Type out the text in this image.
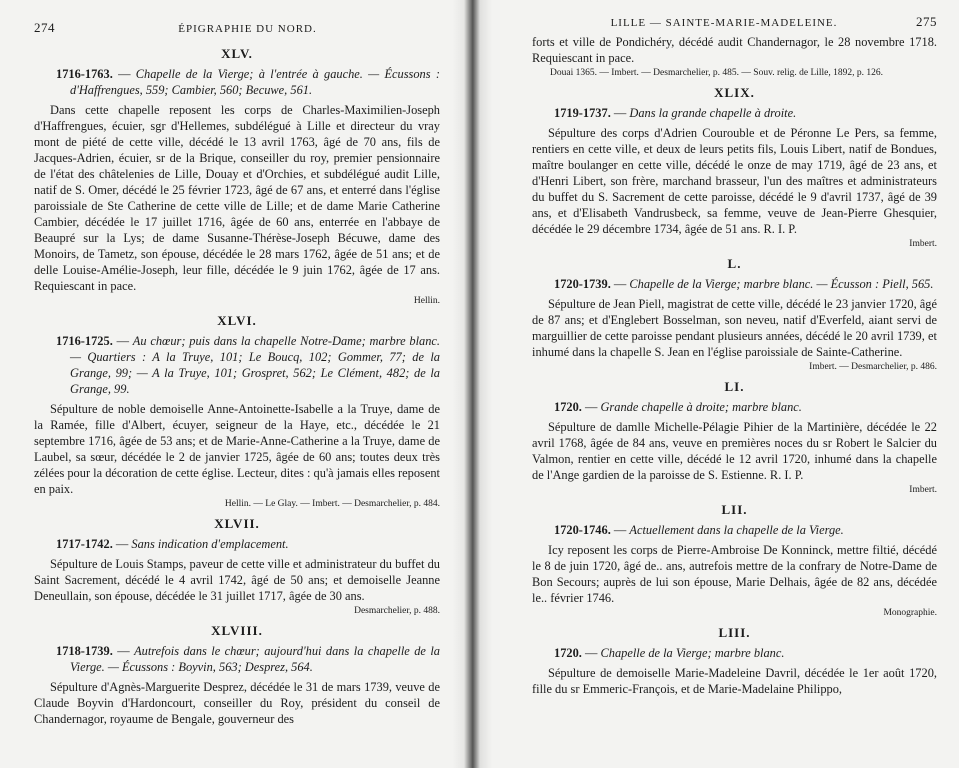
274	ÉPIGRAPHIE DU NORD.
XLV.

1716-1763. — Chapelle de la Vierge; à l'entrée à gauche. — Écussons : d'Haffrengues, 559; Cambier, 560; Becuwe, 561.

Dans cette chapelle reposent les corps de Charles-Maximilien-Joseph d'Haffrengues, écuier, sgr d'Hellemes, subdélégué à Lille et directeur du vray mont de piété de cette ville, décédé le 13 avril 1763, âgé de 70 ans, fils de Jacques-Adrien, écuier, sr de la Brique, conseiller du roy, premier pensionnaire de l'état des châtelenies de Lille, Douay et d'Orchies, et subdélégué audit Lille, natif de S. Omer, décédé le 25 février 1723, âgé de 67 ans, et enterré dans l'église paroissiale de Ste Catherine de cette ville de Lille; et de dame Marie Catherine Cambier, décédée le 17 juillet 1716, âgée de 60 ans, enterrée en l'abbaye de Beaupré sur la Lys; de dame Susanne-Thérèse-Joseph Bécuwe, dame des Monoirs, de Tametz, son épouse, décédée le 28 mars 1762, âgée de 51 ans; et de delle Louise-Amélie-Joseph, leur fille, décédée le 9 juin 1762, âgée de 17 ans. Requiescant in pace.

Hellin.
XLVI.

1716-1725. — Au chœur; puis dans la chapelle Notre-Dame; marbre blanc. — Quartiers : A la Truye, 101; Le Boucq, 102; Gommer, 77; de la Grange, 99; — A la Truye, 101; Grospret, 562; Le Clément, 482; de la Grange, 99.

Sépulture de noble demoiselle Anne-Antoinette-Isabelle a la Truye, dame de la Ramée, fille d'Albert, écuyer, seigneur de la Haye, etc., décédée le 21 septembre 1716, âgée de 53 ans; et de Marie-Anne-Catherine a la Truye, dame de Laubel, sa sœur, décédée le 2 de janvier 1725, âgée de 60 ans; toutes deux très zélées pour la décoration de cette église. Lecteur, dites : qu'à jamais elles reposent en paix.

Hellin. — Le Glay. — Imbert. — Desmarchelier, p. 484.
XLVII.

1717-1742. — Sans indication d'emplacement.

Sépulture de Louis Stamps, paveur de cette ville et administrateur du buffet du Saint Sacrement, décédé le 4 avril 1742, âgé de 50 ans; et demoiselle Jeanne Deneullain, son épouse, décédée le 31 juillet 1717, âgée de 30 ans.

Desmarchelier, p. 488.
XLVIII.

1718-1739. — Autrefois dans le chœur; aujourd'hui dans la chapelle de la Vierge. — Écussons : Boyvin, 563; Desprez, 564.

Sépulture d'Agnès-Marguerite Desprez, décédée le 31 de mars 1739, veuve de Claude Boyvin d'Hardoncourt, conseiller du Roy, président du conseil de Chandernagor, royaume de Bengale, gouverneur des

LILLE — SAINTE-MARIE-MADELEINE.	275

forts et ville de Pondichéry, décédé audit Chandernagor, le 28 novembre 1718. Requiescant in pace.

Douai 1365. — Imbert. — Desmarchelier, p. 485. — Souv. relig. de Lille, 1892, p. 126.
XLIX.

1719-1737. — Dans la grande chapelle à droite.

Sépulture des corps d'Adrien Courouble et de Péronne Le Pers, sa femme, rentiers en cette ville, et deux de leurs petits fils, Louis Libert, natif de Bondues, maître boulanger en cette ville, décédé le onze de may 1719, âgé de 23 ans, et d'Henri Libert, son frère, marchand brasseur, l'un des maîtres et administrateurs du buffet du S. Sacrement de cette paroisse, décédé le 9 d'avril 1737, âgé de 39 ans, et d'Elisabeth Vandrusbeck, sa femme, veuve de Jean-Pierre Ghesquier, décédée le 29 décembre 1734, âgée de 51 ans. R. I. P.

Imbert.
L.

1720-1739. — Chapelle de la Vierge; marbre blanc. — Écusson : Piell, 565.

Sépulture de Jean Piell, magistrat de cette ville, décédé le 23 janvier 1720, âgé de 87 ans; et d'Englebert Bosselman, son neveu, natif d'Everfeld, aiant servi de marguillier de cette paroisse pendant plusieurs années, décédé le 20 avril 1739, et inhumé dans la chapelle S. Jean en l'église paroissiale de Sainte-Catherine.

Imbert. — Desmarchelier, p. 486.
LI.

1720. — Grande chapelle à droite; marbre blanc.

Sépulture de damlle Michelle-Pélagie Pihier de la Martinière, décédée le 22 avril 1768, âgée de 84 ans, veuve en premières noces du sr Robert le Salcier du Valmon, rentier en cette ville, décédé le 12 avril 1720, inhumé dans la chapelle de l'Ange gardien de la paroisse de S. Estienne. R. I. P.

Imbert.
LII.

1720-1746. — Actuellement dans la chapelle de la Vierge.

Icy reposent les corps de Pierre-Ambroise De Konninck, mettre filtié, décédé le 8 de juin 1720, âgé de.. ans, autrefois mettre de la confrary de Notre-Dame de Bon Secours; auprès de lui son épouse, Marie Delhais, âgée de 82 ans, décédée le.. février 1746.

Monographie.
LIII.

1720. — Chapelle de la Vierge; marbre blanc.

Sépulture de demoiselle Marie-Madeleine Davril, décédée le 1er août 1720, fille du sr Emmeric-François, et de Marie-Madelaine Philippo,
